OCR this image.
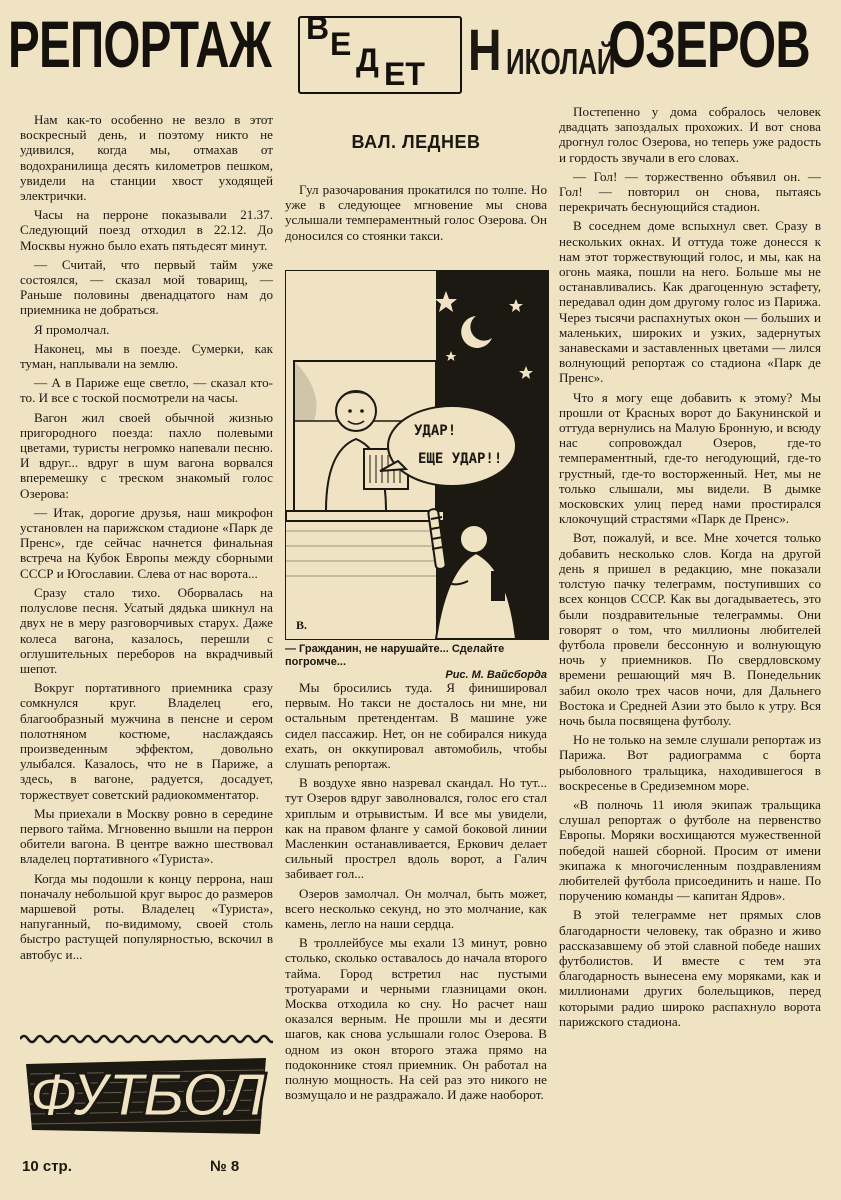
РЕПОРТАЖ В Е Д ЕТ Н ИКОЛАЙ
ОЗЕРОВ

Нам как-то особенно не везло в этот воскресный день, и поэтому никто не удивился, когда мы, отмахав от водохранилища десять километров пешком, увидели на станции хвост уходящей электрички.

Часы на перроне показывали 21.37. Следующий поезд отходил в 22.12. До Москвы нужно было ехать пятьдесят минут.

— Считай, что первый тайм уже состоялся, — сказал мой товарищ, — Раньше половины двенадцатого нам до приемника не добраться.

Я промолчал.

Наконец, мы в поезде. Сумерки, как туман, наплывали на землю.

— А в Париже еще светло, — сказал кто-то. И все с тоской посмотрели на часы.

Вагон жил своей обычной жизнью пригородного поезда: пахло полевыми цветами, туристы негромко напевали песню. И вдруг... вдруг в шум вагона ворвался вперемешку с треском знакомый голос Озерова:

— Итак, дорогие друзья, наш микрофон установлен на парижском стадионе «Парк де Пренс», где сейчас начнется финальная встреча на Кубок Европы между сборными СССР и Югославии. Слева от нас ворота...

Сразу стало тихо. Оборвалась на полуслове песня. Усатый дядька шикнул на двух не в меру разговорчивых старух. Даже колеса вагона, казалось, перешли с оглушительных переборов на вкрадчивый шепот.

Вокруг портативного приемника сразу сомкнулся круг. Владелец его, благообразный мужчина в пенсне и сером полотняном костюме, наслаждаясь произведенным эффектом, довольно улыбался. Казалось, что не в Париже, а здесь, в вагоне, радуется, досадует, торжествует советский радиокомментатор.

Мы приехали в Москву ровно в середине первого тайма. Мгновенно вышли на перрон обители вагона. В центре важно шествовал владелец портативного «Туриста».

Когда мы подошли к концу перрона, наш поначалу небольшой круг вырос до размеров маршевой роты. Владелец «Туриста», напуганный, по-видимому, своей столь быстро растущей популярностью, вскочил в автобус и...

ВАЛ. ЛЕДНЕВ

Гул разочарования прокатился по толпе. Но уже в следующее мгновение мы снова услышали темпераментный голос Озерова. Он доносился со стоянки такси.

УДАР!
ЕЩЕ УДАР!!
В.
— Гражданин, не нарушайте... Сделайте погромче...
Рис. М. Вайсборда

Мы бросились туда. Я финишировал первым. Но такси не досталось ни мне, ни остальным претендентам. В машине уже сидел пассажир. Нет, он не собирался никуда ехать, он оккупировал автомобиль, чтобы слушать репортаж.

В воздухе явно назревал скандал. Но тут... тут Озеров вдруг заволновался, голос его стал хриплым и отрывистым. И все мы увидели, как на правом фланге у самой боковой линии Масленкин останавливается, Еркович делает сильный прострел вдоль ворот, а Галич забивает гол...

Озеров замолчал. Он молчал, быть может, всего несколько секунд, но это молчание, как камень, легло на наши сердца.

В троллейбусе мы ехали 13 минут, ровно столько, сколько оставалось до начала второго тайма. Город встретил нас пустыми тротуарами и черными глазницами окон. Москва отходила ко сну. Но расчет наш оказался верным. Не прошли мы и десяти шагов, как снова услышали голос Озерова. В одном из окон второго этажа прямо на подоконнике стоял приемник. Он работал на полную мощность. На сей раз это никого не возмущало и не раздражало. И даже наоборот.

Постепенно у дома собралось человек двадцать запоздалых прохожих. И вот снова дрогнул голос Озерова, но теперь уже радость и гордость звучали в его словах.

— Гол! — торжественно объявил он. — Гол! — повторил он снова, пытаясь перекричать беснующийся стадион.

В соседнем доме вспыхнул свет. Сразу в нескольких окнах. И оттуда тоже донесся к нам этот торжествующий голос, и мы, как на огонь маяка, пошли на него. Больше мы не останавливались. Как драгоценную эстафету, передавал один дом другому голос из Парижа. Через тысячи распахнутых окон — больших и маленьких, широких и узких, задернутых занавесками и заставленных цветами — лился волнующий репортаж со стадиона «Парк де Пренс».

Что я могу еще добавить к этому? Мы прошли от Красных ворот до Бакунинской и оттуда вернулись на Малую Бронную, и всюду нас сопровождал Озеров, где-то темпераментный, где-то негодующий, где-то грустный, где-то восторженный. Нет, мы не только слышали, мы видели. В дымке московских улиц перед нами простирался клокочущий страстями «Парк де Пренс».

Вот, пожалуй, и все. Мне хочется только добавить несколько слов. Когда на другой день я пришел в редакцию, мне показали толстую пачку телеграмм, поступивших со всех концов СССР. Как вы догадываетесь, это были поздравительные телеграммы. Они говорят о том, что миллионы любителей футбола провели бессонную и волнующую ночь у приемников. По свердловскому времени решающий мяч В. Понедельник забил около трех часов ночи, для Дальнего Востока и Средней Азии это было к утру. Вся ночь была посвящена футболу.

Но не только на земле слушали репортаж из Парижа. Вот радиограмма с борта рыболовного тральщика, находившегося в воскресенье в Средиземном море.

«В полночь 11 июля экипаж тральщика слушал репортаж о футболе на первенство Европы. Моряки восхищаются мужественной победой нашей сборной. Просим от имени экипажа к многочисленным поздравлениям любителей футбола присоединить и наше. По поручению команды — капитан Ядров».

В этой телеграмме нет прямых слов благодарности человеку, так образно и живо рассказавшему об этой славной победе наших футболистов. И вместе с тем эта благодарность вынесена ему моряками, как и миллионами других болельщиков, перед которыми радио широко распахнуло ворота парижского стадиона.

ФУТБОЛ
10 стр.	№ 8
